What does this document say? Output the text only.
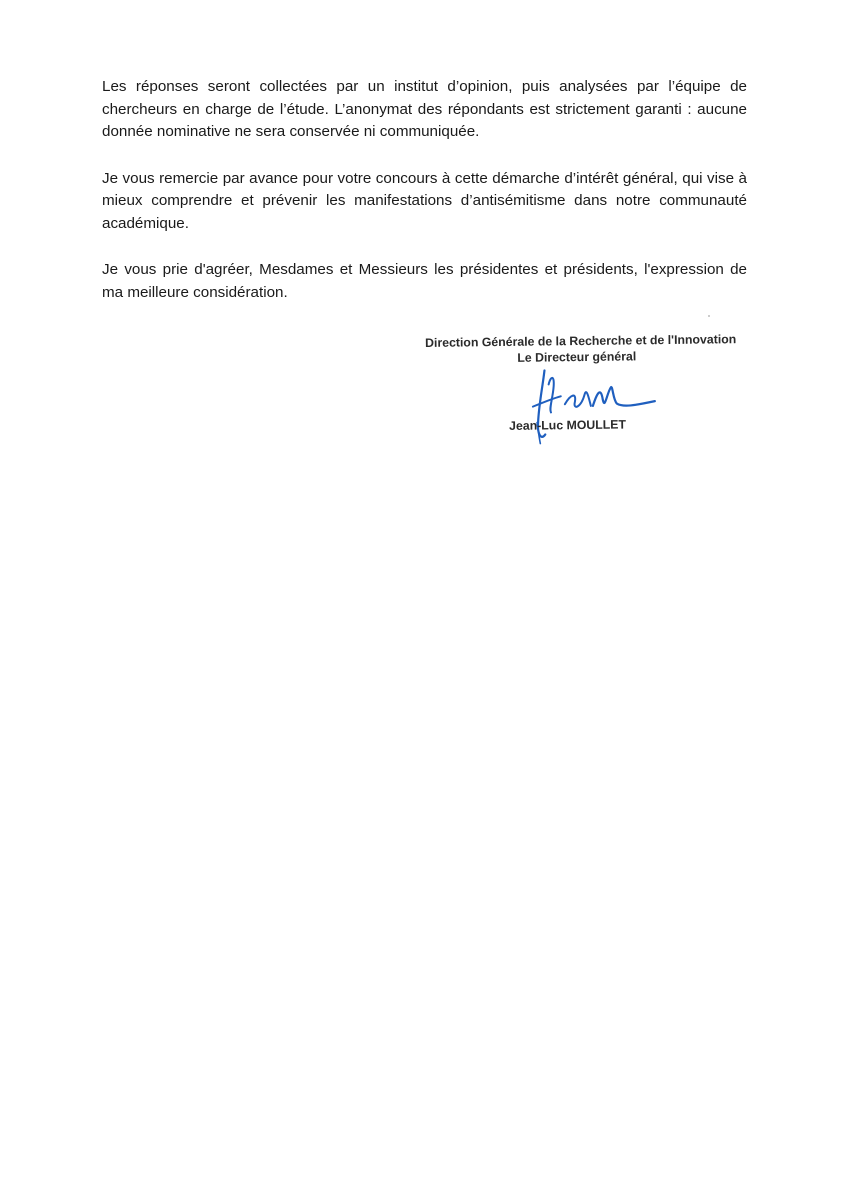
Les réponses seront collectées par un institut d’opinion, puis analysées par l’équipe de chercheurs en charge de l’étude. L’anonymat des répondants est strictement garanti : aucune donnée nominative ne sera conservée ni communiquée.

Je vous remercie par avance pour votre concours à cette démarche d’intérêt général, qui vise à mieux comprendre et prévenir les manifestations d’antisémitisme dans notre communauté académique.

Je vous prie d'agréer, Mesdames et Messieurs les présidentes et présidents, l'expression de ma meilleure considération.

Direction Générale de la Recherche et de l'Innovation
Le Directeur général
Jean-Luc MOULLET
